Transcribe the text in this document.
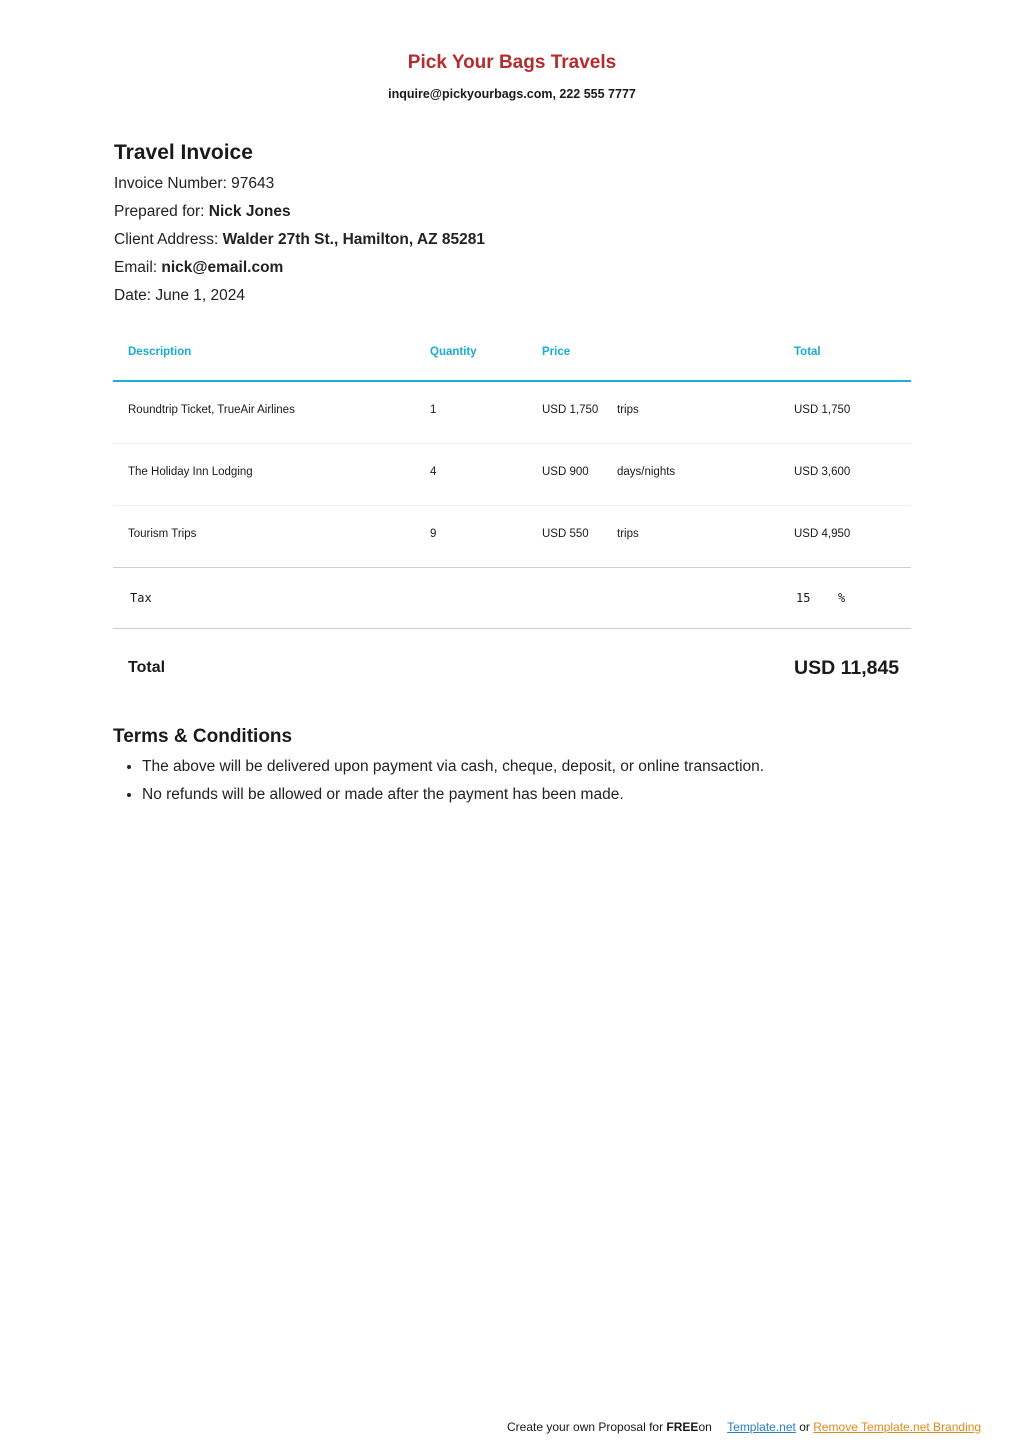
Pick Your Bags Travels
inquire@pickyourbags.com, 222 555 7777
Travel Invoice
Invoice Number: 97643
Prepared for: Nick Jones
Client Address: Walder 27th St., Hamilton, AZ 85281
Email: nick@email.com
Date: June 1, 2024
Description	Quantity	Price	Total
Roundtrip Ticket, TrueAir Airlines	1	USD 1,750 trips	USD 1,750
The Holiday Inn Lodging	4	USD 900 days/nights	USD 3,600
Tourism Trips	9	USD 550 trips	USD 4,950
Tax	15 %
Total	USD 11,845
Terms & Conditions
• The above will be delivered upon payment via cash, cheque, deposit, or online transaction.
• No refunds will be allowed or made after the payment has been made.
Create your own Proposal for FREEon Template.net or Remove Template.net Branding
